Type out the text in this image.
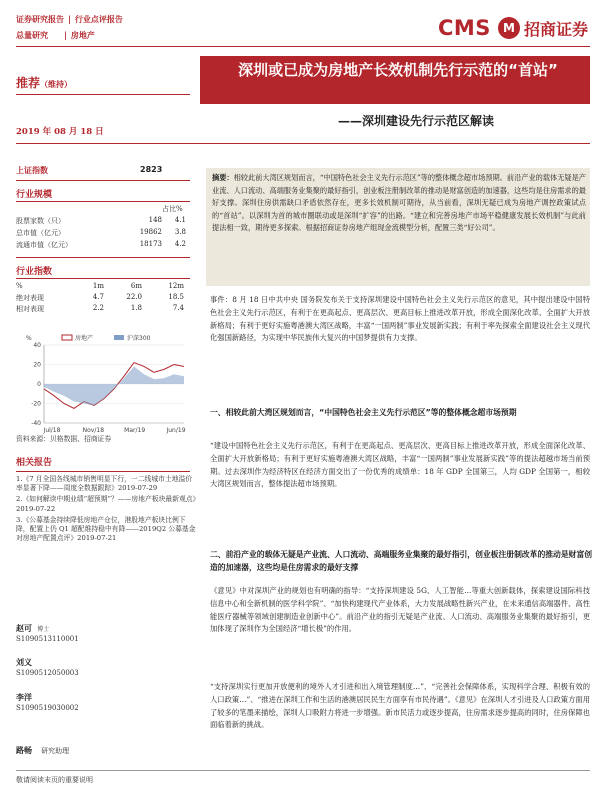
证券研究报告 | 行业点评报告
总量研究 | 房地产	CMS	M 招商证券
深圳或已成为房地产长效机制先行示范的“首站”
——深圳建设先行示范区解读
推荐（维持）
2019 年 08 月 18 日
上证指数	2823
行业规模
占比%
股票家数（只）	148	4.1
总市值（亿元）	19862	3.8
流通市值（亿元）	18173	4.2
行业指数
%	1m	6m	12m
绝对表现	4.7	22.0	18.5
相对表现	2.2	1.8	7.4
40
20
0
-20
-40
Jul/18	Nov/18	Mar/19	Jun/19
%	房地产	沪深300
资料来源：贝格数据、招商证券
相关报告
1.《7 月全国各线城市销售明显下行，一二线城市土地溢价率显著下降——周度全数据跟踪》2019-07-29
2.《如何解读中期业绩“超预期”？——房地产板块最新观点》2019-07-22
3.《公募基金持续降低房地产仓位，港股地产板块比例下降，配置上仍 Q1 超配维持稳中有降——2019Q2 公募基金对房地产配置点评》2019-07-21
赵可 博士
S1090513110001
刘义
S1090512050003
李洋
S1090519030002
路畅 研究助理
摘要：相较此前大湾区规划而言，“中国特色社会主义先行示范区”等的整体概念超市场预期。前沿产业的载体无疑是产业流、人口流动、高端服务业集聚的最好指引，创业板注册制改革的推动是财富创造的加速器，这些均是住房需求的最好支撑。深圳住房供需缺口矛盾依然存在，更多长效机制可期待，从当前看，深圳无疑已成为房地产调控政策试点的“首站”。以深圳为首的城市圈联动或是深圳“扩容”的出路。“建立和完善房地产市场平稳健康发展长效机制”与此前提法相一致，期待更多探索。根据招商证券房地产组现金流模型分析，配置三类“好公司”。
事件：8 月 18 日中共中央 国务院发布关于支持深圳建设中国特色社会主义先行示范区的意见，其中提出建设中国特色社会主义先行示范区，有利于在更高起点、更高层次、更高目标上推进改革开放，形成全面深化改革、全面扩大开放新格局；有利于更好实施粤港澳大湾区战略，丰富“一国两制”事业发展新实践；有利于率先探索全面建设社会主义现代化强国新路径，为实现中华民族伟大复兴的中国梦提供有力支撑。
一、相较此前大湾区规划而言，“中国特色社会主义先行示范区”等的整体概念超市场预期
“建设中国特色社会主义先行示范区，有利于在更高起点、更高层次、更高目标上推进改革开放，形成全面深化改革、全面扩大开放新格局；有利于更好实施粤港澳大湾区战略，丰富“一国两制”事业发展新实践”等的提法超越市场当前预期。过去深圳作为经济特区在经济方面交出了一份优秀的成绩单：18 年 GDP 全国第三，人均 GDP 全国第一，相较大湾区规划而言，整体提法超市场预期。
二、前沿产业的载体无疑是产业流、人口流动、高端服务业集聚的最好指引，创业板注册制改革的推动是财富创造的加速器，这些均是住房需求的最好支撑
《意见》中对深圳产业的规划也有明确的指导：“支持深圳建设 5G、人工智能…等重大创新载体，探索建设国际科技信息中心和全新机制的医学科学院”、“加快构建现代产业体系，大力发展战略性新兴产业，在未来通信高端器件、高性能医疗器械等领域创建制造业创新中心”。前沿产业的指引无疑是产业流、人口流动、高端服务业集聚的最好指引，更加体现了深圳作为全国经济“增长极”的作用。
“支持深圳实行更加开放便利的境外人才引进和出入境管理制度…”、“完善社会保障体系，实现科学合理、积极有效的人口政策…”、“推进在深圳工作和生活的港澳居民民生方面享有市民待遇”。《意见》在深圳人才引进及人口政策方面用了较多的笔墨来描绘，深圳人口吸附力将进一步增强。新市民活力或逐步提高，住房需求逐步提高的同时，住房保障也面临着新的挑战。
敬请阅读末页的重要说明
